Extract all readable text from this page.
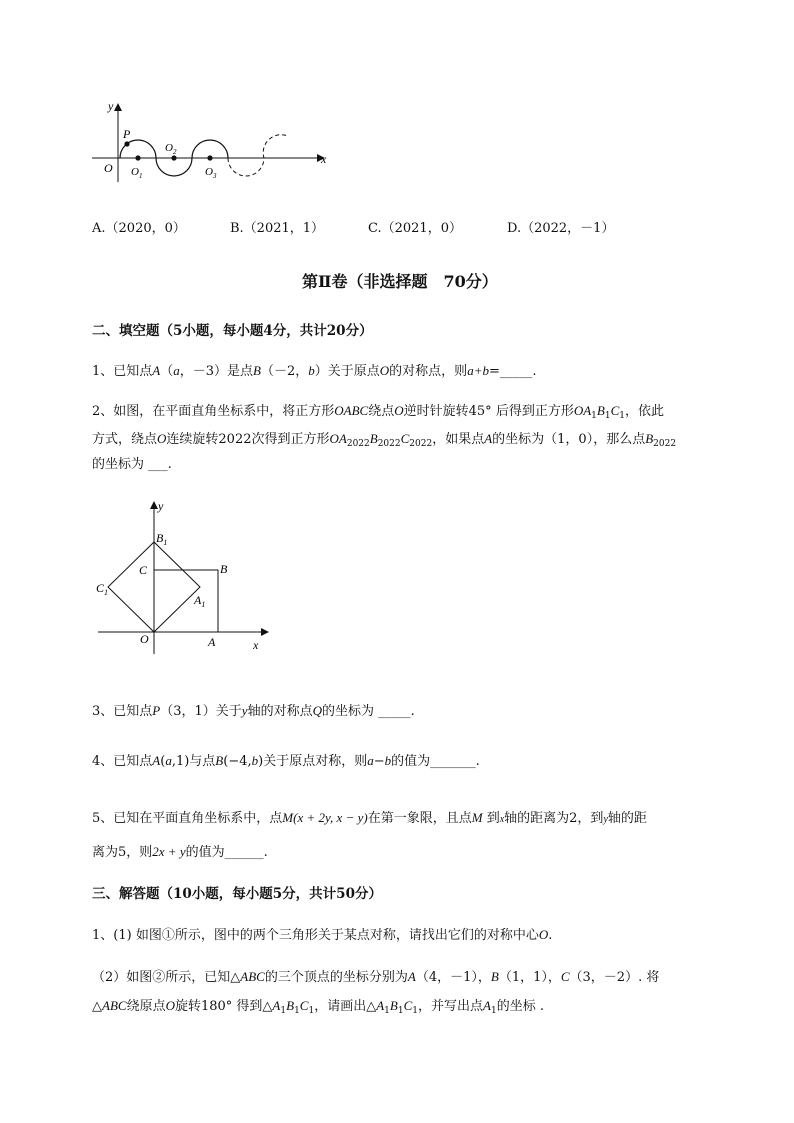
y
x
O
P
$O_1$
$O_2$
$O_3$
A.（2020，0）	B.（2021，1）	C.（2021，0）	D.（2022，－1）
第Ⅱ卷（非选择题　70分）
二、填空题（5小题，每小题4分，共计20分）
1、已知点A（a，－3）是点B（－2，b）关于原点O的对称点，则a+b=_____.
2、如图，在平面直角坐标系中，将正方形OABC绕点O逆时针旋转45° 后得到正方形$OA_1B_1C_1$，依此
方式，绕点O连续旋转2022次得到正方形$OA_{2022}B_{2022}C_{2022}$，如果点A的坐标为（1，0），那么点$B_{2022}$
的坐标为 ___.
y
x
O	A
B
C
$B_1$
$C_1$
$A_1$
3、已知点P（3，1）关于y轴的对称点Q的坐标为 _____.
4、已知点A(a,1)与点B(−4,b)关于原点对称，则a−b的值为_______.
5、已知在平面直角坐标系中，点M(x + 2y, x − y)在第一象限，且点M 到x轴的距离为2，到y轴的距
离为5，则2x + y的值为______.
三、解答题（10小题，每小题5分，共计50分）
1、(1) 如图①所示，图中的两个三角形关于某点对称，请找出它们的对称中心O.
（2）如图②所示，已知△ABC的三个顶点的坐标分别为A（4，－1），B（1，1），C（3，－2）. 将
△ABC绕原点O旋转180° 得到$\triangle A_1B_1C_1$，请画出$\triangle A_1B_1C_1$，并写出点$A_1$的坐标 .
